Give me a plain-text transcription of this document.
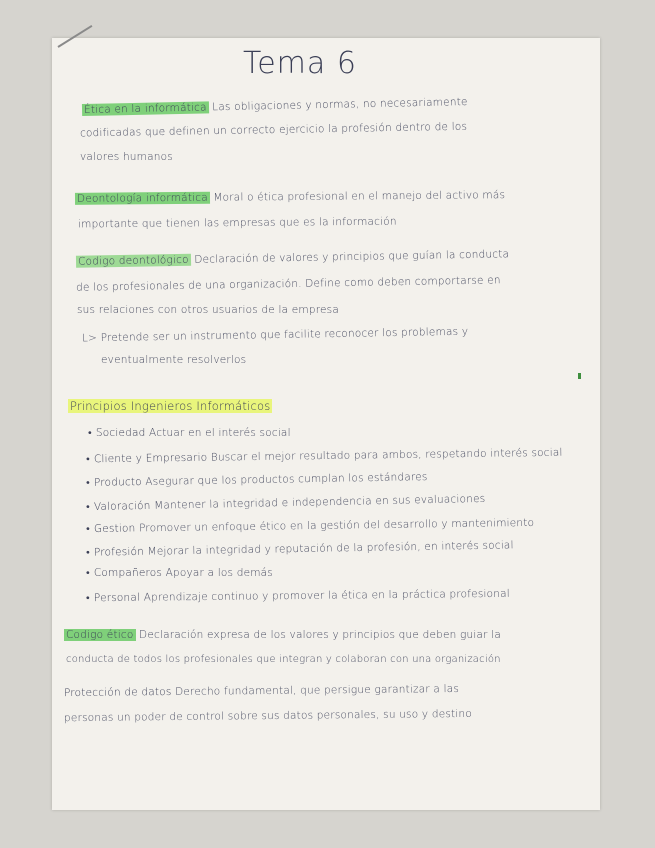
Tema 6
Ética en la informática Las obligaciones y normas, no necesariamente
codificadas que definen un correcto ejercicio la profesión dentro de los
valores humanos
Deontología informática Moral o ética profesional en el manejo del activo más
importante que tienen las empresas que es la información
Codigo deontológico Declaración de valores y principios que guían la conducta
de los profesionales de una organización. Define como deben comportarse en
sus relaciones con otros usuarios de la empresa
L> Pretende ser un instrumento que facilite reconocer los problemas y
eventualmente resolverlos
Principios Ingenieros Informáticos
• Sociedad Actuar en el interés social
• Cliente y Empresario Buscar el mejor resultado para ambos, respetando interés social
• Producto Asegurar que los productos cumplan los estándares
• Valoración Mantener la integridad e independencia en sus evaluaciones
• Gestion Promover un enfoque ético en la gestión del desarrollo y mantenimiento
• Profesión Mejorar la integridad y reputación de la profesión, en interés social
• Compañeros Apoyar a los demás
• Personal Aprendizaje continuo y promover la ética en la práctica profesional
Codigo ético Declaración expresa de los valores y principios que deben guiar la
conducta de todos los profesionales que integran y colaboran con una organización
Protección de datos Derecho fundamental, que persigue garantizar a las
personas un poder de control sobre sus datos personales, su uso y destino
